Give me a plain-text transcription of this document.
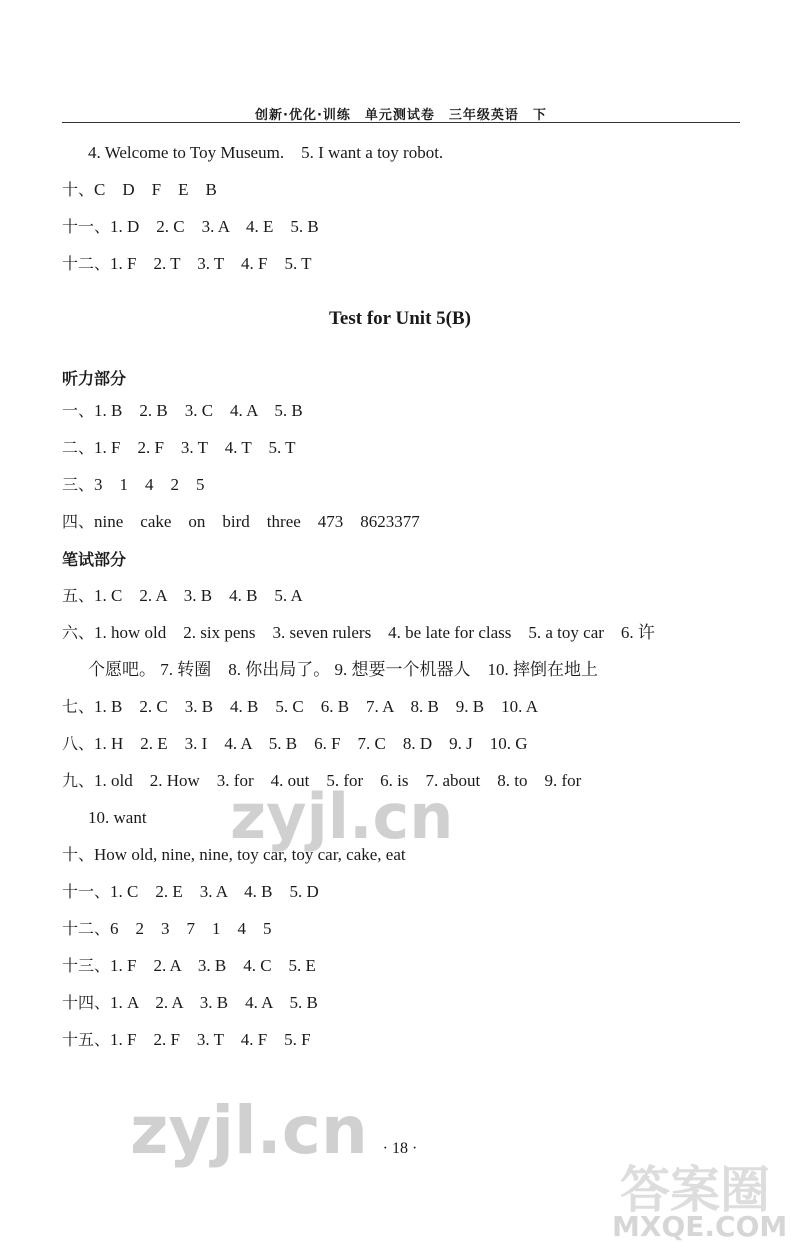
创新·优化·训练　单元测试卷　三年级英语　下
4. Welcome to Toy Museum.　5. I want a toy robot.
十、C　D　F　E　B
十一、1. D　2. C　3. A　4. E　5. B
十二、1. F　2. T　3. T　4. F　5. T
Test for Unit 5(B)
听力部分
一、1. B　2. B　3. C　4. A　5. B
二、1. F　2. F　3. T　4. T　5. T
三、3　1　4　2　5
四、nine　cake　on　bird　three　473　8623377
笔试部分
五、1. C　2. A　3. B　4. B　5. A
六、1. how old　2. six pens　3. seven rulers　4. be late for class　5. a toy car　6. 许
个愿吧。 7. 转圈　8. 你出局了。 9. 想要一个机器人　10. 摔倒在地上
七、1. B　2. C　3. B　4. B　5. C　6. B　7. A　8. B　9. B　10. A
八、1. H　2. E　3. I　4. A　5. B　6. F　7. C　8. D　9. J　10. G
九、1. old　2. How　3. for　4. out　5. for　6. is　7. about　8. to　9. for
10. want
十、How old, nine, nine, toy car, toy car, cake, eat
十一、1. C　2. E　3. A　4. B　5. D
十二、6　2　3　7　1　4　5
十三、1. F　2. A　3. B　4. C　5. E
十四、1. A　2. A　3. B　4. A　5. B
十五、1. F　2. F　3. T　4. F　5. F
· 18 ·
zyjl.cn
zyjl.cn
答案圈
MXQE.COM
